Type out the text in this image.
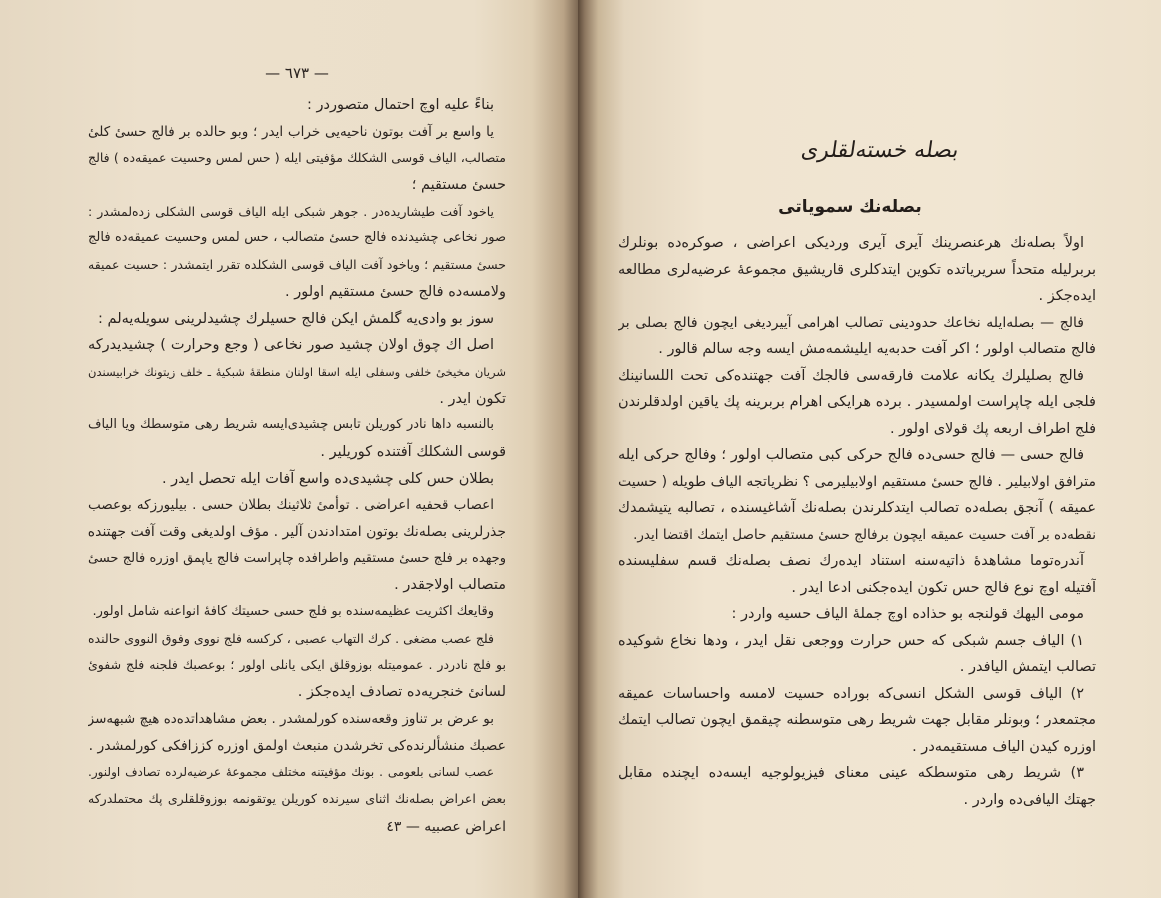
— ٦٧٣ —
بناءً علیه اوچ احتمال متصوردر :
یا واسع بر آفت بوتون ناحیه‌یی خراب ایدر ؛ وبو حالده بر فالج حسیٔ کلیٔ
متصالب، الیاف قوسی الشکلك مؤفیتی ایله ( حس لمس وحسیت عمیقه‌ده ) فالج
حسیٔ مستقیم ؛
یاخود آفت طیشاریده‌در . جوهر شبکی ایله الیاف قوسی الشکلی زده‌لمشدر :
صور نخاعی چشیدنده فالج حسیٔ متصالب ، حس لمس وحسیت عمیقه‌ده فالج
حسیٔ مستقیم ؛ ویاخود آفت الیاف قوسی الشکلده تقرر ایتمشدر : حسیت عمیقه
ولامسه‌ده فالج حسیٔ مستقیم اولور .
سوز بو وادی‌یه گلمش ایکن فالج حسیلرك چشیدلرینی سویله‌یه‌لم :
اصل اك چوق اولان چشید صور نخاعی ( وجع وحرارت ) چشیدیدرکه
شریان مخیخیٔ خلفی وسفلی ایله اسقا اولنان منطقهٔ شبکیهٔ ـ خلف زیتونك خرابیسندن
تکون ایدر .
بالنسبه داها نادر کوریلن تابس چشیدی‌ایسه شریط رهی متوسطك ویا الیاف
قوسی الشکلك آفتنده کوریلیر .
بطلان حس کلی چشیدی‌ده واسع آفات ایله تحصل ایدر .
اعصاب قحفیه اعراضی . توأمیٔ ثلاثینك بطلان حسی . بیلیورزکه بوعصب
جذرلرینی بصله‌نك بوتون امتدادندن آلیر . مؤف اولدیغی وقت آفت جهتنده
وجهده بر فلج حسیٔ مستقیم واطرافده چاپراست فالج یاپمق اوزره فالج حسیٔ
متصالب اولاجقدر .
وقایعك اکثریت عظیمه‌سنده بو فلج حسی حسیتك کافهٔ انواعنه شامل اولور.
فلج عصب مضغی . کرك التهاب عصبی ، کرکسه فلج نووی وفوق النووی حالنده
بو فلج نادردر . عمومیتله بوزوقلق ایکی یانلی اولور ؛ بوعصبك فلجنه فلج شفویٔ
لسانیٔ خنجریه‌ده تصادف ایده‌جکز .
بو عرض بر تناوز وقعه‌سنده کورلمشدر . بعض مشاهداتده‌ده هیچ شبهه‌سز
عصبك منشألرنده‌کی تخرشدن منبعث اولمق اوزره کززافکی کورلمشدر .
عصب لسانی بلعومی . بونك مؤفیتنه مختلف مجموعهٔ عرضیه‌لرده تصادف اولنور.
بعض اعراض بصله‌نك اثنای سیرنده کوریلن یوتقونمه بوزوقلقلری پك محتملدرکه
اعراض عصبیه — ٤٣
بصله خسته‌لقلری
بصله‌نك سمویاتی
اولاً بصله‌نك هرعنصرینك آیری آیری وردیکی اعراضی ، صوکره‌ده بونلرك
بربرلیله متحداً سریریاتده تکوین ایتدکلری قاریشیق مجموعهٔ عرضیه‌لری مطالعه
ایده‌جکز .
فالج — بصله‌ایله نخاعك حدودینی تصالب اهرامی آییردیغی ایچون فالج بصلی بر
فالج متصالب اولور ؛ اکر آفت حدبه‌یه ایلیشمه‌مش ایسه وجه سالم قالور .
فالج بصلیلرك یکانه علامت فارقه‌سی فالجك آفت جهتنده‌کی تحت اللسانینك
فلجی ایله چاپراست اولمسیدر . برده هرایکی اهرام بربرینه پك یاقین اولدقلرندن
فلج اطراف اربعه پك قولای اولور .
فالج حسی — فالج حسی‌ده فالج حرکی کبی متصالب اولور ؛ وفالج حرکی ایله
مترافق اولابیلیر . فالج حسیٔ مستقیم اولابیلیرمی ؟ نظریاتجه الیاف طویله ( حسیت
عمیقه ) آنجق بصله‌ده تصالب ایتدکلرندن بصله‌نك آشاغیسنده ، تصالبه یتیشمدك
نقطه‌ده بر آفت حسیت عمیقه ایچون برفالج حسیٔ مستقیم حاصل ایتمك اقتضا ایدر.
آندره‌توما مشاهدهٔ ذاتیه‌سنه استناد ایده‌رك نصف بصله‌نك قسم سفلیسنده
آفتیله اوچ نوع فالج حس تکون ایده‌جکنی ادعا ایدر .
مومی الیهك قولنجه بو حذاده اوچ جملهٔ الیاف حسیه واردر :
١) الیاف جسم شبکی که حس حرارت ووجعی نقل ایدر ، ودها نخاع شوکیده
تصالب ایتمش الیافدر .
٢) الیاف قوسی الشکل انسی‌که بوراده حسیت لامسه واحساسات عمیقه
مجتمعدر ؛ وبونلر مقابل جهت شریط رهی متوسطنه چیقمق ایچون تصالب ایتمك
اوزره کیدن الیاف مستقیمه‌در .
٣) شریط رهی متوسطکه عینی معنای فیزیولوجیه ایسه‌ده ایچنده مقابل
جهتك الیافی‌ده واردر .
